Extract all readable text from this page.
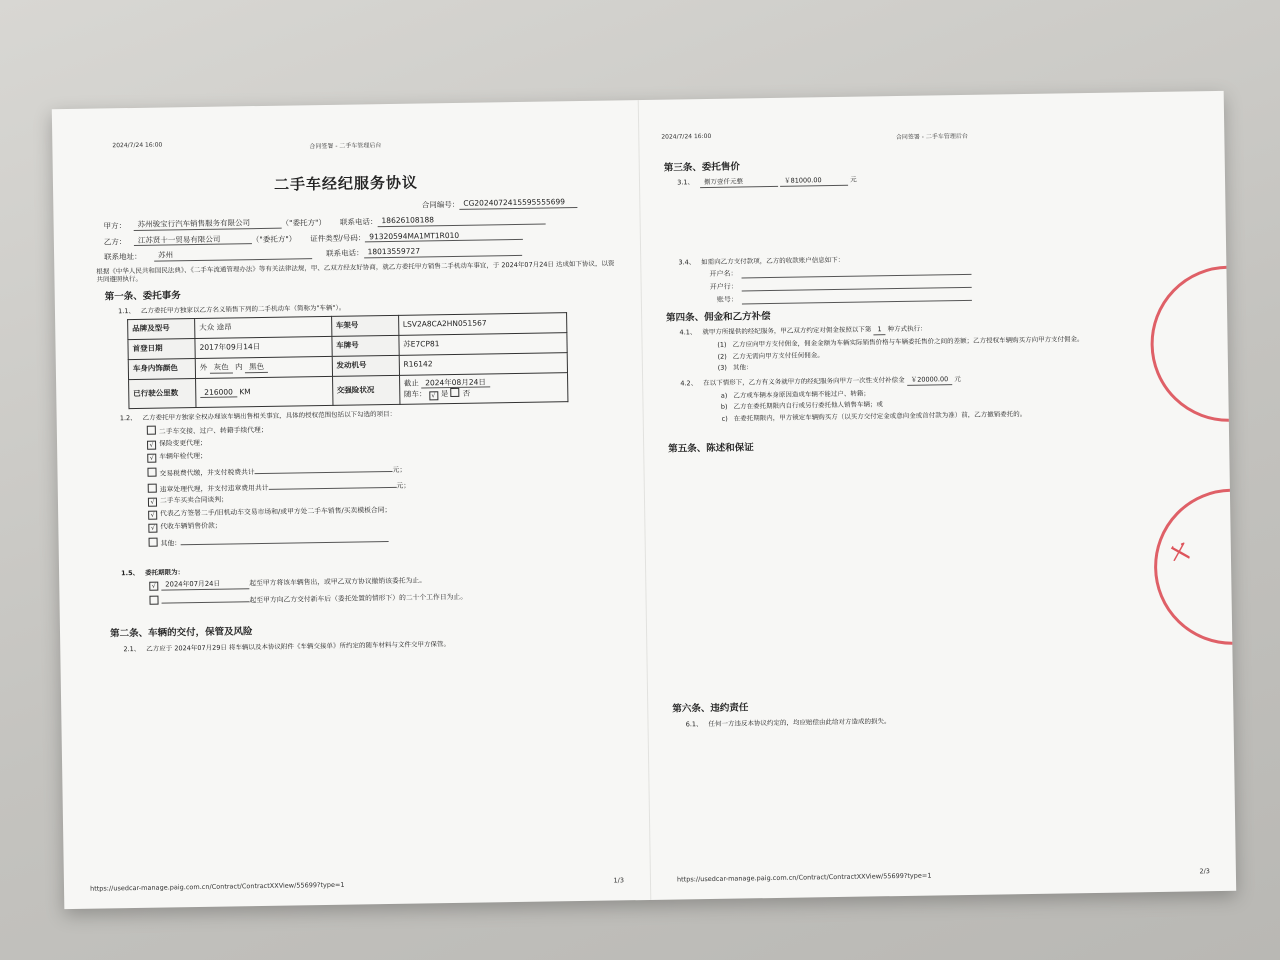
2024/7/24 16:00	合同签署 - 二手车管理后台
二手车经纪服务协议
合同编号： CG2024072415595555699
甲方：	苏州骏宝行汽车销售服务有限公司	（"委托方"） 联系电话： 18626108188
乙方：	江苏贤十一贸易有限公司	（"委托方"） 证件类型/号码： 91320594MA1MT1R010
联系地址：	苏州	联系电话： 18013559727
根据《中华人民共和国民法典》、《二手车流通管理办法》等有关法律法规，甲、乙双方经友好协商，就乙方委托甲方销售二手机动车事宜，于 2024年07月24日 达成如下协议，以资共同遵照执行。
第一条、委托事务
1.1、 乙方委托甲方独家以乙方名义销售下列的二手机动车（简称为"车辆"）。
品牌及型号	大众 途昂	车架号	LSV2A8CA2HN051567
首登日期	2017年09月14日	车牌号	苏E7CP81
车身内饰颜色	外 灰色 内 黑色	发动机号	R16142
已行驶公里数	216000 KM	交强险状况	截止 2024年08月24日
随车： √ 是 否
1.2、 乙方委托甲方独家全权办理该车辆出售相关事宜，具体的授权范围包括以下勾选的项目：
二手车交接、过户、转籍手续代理；
√ 保险变更代理；
√ 车辆年检代理；
交易税费代缴，并支付税费共计	元；
违章处理代理，并支付违章费用共计	元；
√ 二手车买卖合同谈判；
√ 代表乙方签署二手/旧机动车交易市场和/或甲方处二手车销售/买卖模板合同；
√ 代收车辆销售价款；
其他：
1.5、 委托期限为：
√ 2024年07月24日	起至甲方将该车辆售出，或甲乙双方协议撤销该委托为止。
起至甲方向乙方交付新车后（委托处置的情形下）的二十个工作日为止。
第二条、车辆的交付，保管及风险
2.1、 乙方应于 2024年07月29日 将车辆以及本协议附件《车辆交接单》所约定的随车材料与文件交甲方保管。
https://usedcar-manage.paig.com.cn/Contract/ContractXXView/55699?type=1
1/3
2024/7/24 16:00	合同签署 - 二手车管理后台
第三条、委托售价
3.1、	捌万壹仟元整	￥81000.00	元
3.4、 如需向乙方支付款项，乙方的收款账户信息如下：
开户名：
开户行：
账号：
第四条、佣金和乙方补偿
4.1、 就甲方所提供的经纪服务，甲乙双方约定对佣金按照以下第 1 种方式执行：
(1) 乙方应向甲方支付佣金，佣金金额为车辆实际销售价格与车辆委托售价之间的差额；乙方授权车辆购买方向甲方支付佣金。
(2) 乙方无需向甲方支付任何佣金。
(3) 其他：
4.2、 在以下情形下，乙方有义务就甲方的经纪服务向甲方一次性支付补偿金 ￥20000.00 元
a) 乙方或车辆本身原因造成车辆不能过户、转籍；
b) 乙方在委托期限内自行或另行委托他人销售车辆；或
c) 在委托期限内，甲方锁定车辆购买方（以买方交付定金或意向金或首付款为准）前，乙方撤销委托的。
第五条、陈述和保证
第六条、违约责任
6.1、 任何一方违反本协议约定的，均应赔偿由此给对方造成的损失。
十
https://usedcar-manage.paig.com.cn/Contract/ContractXXView/55699?type=1
2/3
